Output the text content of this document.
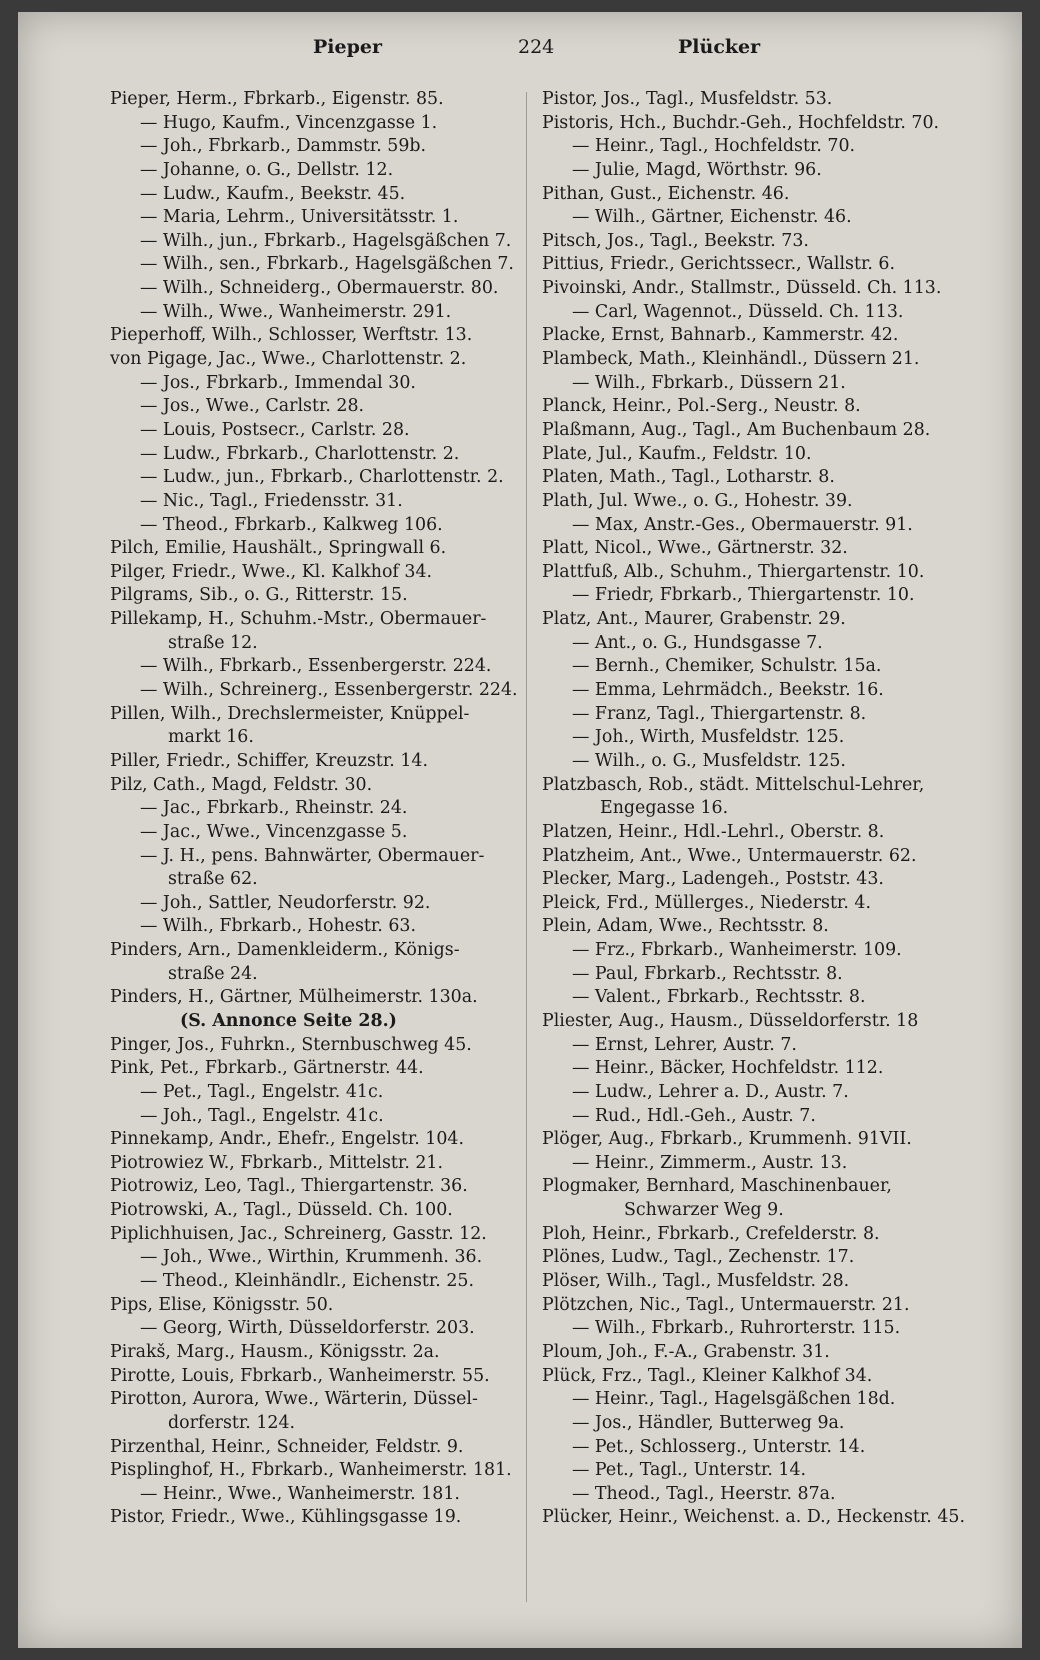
Pieper	224	Plücker
Pieper, Herm., Fbrkarb., Eigenstr. 85.
— Hugo, Kaufm., Vincenzgasse 1.
— Joh., Fbrkarb., Dammstr. 59b.
— Johanne, o. G., Dellstr. 12.
— Ludw., Kaufm., Beekstr. 45.
— Maria, Lehrm., Universitätsstr. 1.
— Wilh., jun., Fbrkarb., Hagelsgäßchen 7.
— Wilh., sen., Fbrkarb., Hagelsgäßchen 7.
— Wilh., Schneiderg., Obermauerstr. 80.
— Wilh., Wwe., Wanheimerstr. 291.
Pieperhoff, Wilh., Schlosser, Werftstr. 13.
von Pigage, Jac., Wwe., Charlottenstr. 2.
— Jos., Fbrkarb., Immendal 30.
— Jos., Wwe., Carlstr. 28.
— Louis, Postsecr., Carlstr. 28.
— Ludw., Fbrkarb., Charlottenstr. 2.
— Ludw., jun., Fbrkarb., Charlottenstr. 2.
— Nic., Tagl., Friedensstr. 31.
— Theod., Fbrkarb., Kalkweg 106.
Pilch, Emilie, Haushält., Springwall 6.
Pilger, Friedr., Wwe., Kl. Kalkhof 34.
Pilgrams, Sib., o. G., Ritterstr. 15.
Pillekamp, H., Schuhm.-Mstr., Obermauer-
straße 12.
— Wilh., Fbrkarb., Essenbergerstr. 224.
— Wilh., Schreinerg., Essenbergerstr. 224.
Pillen, Wilh., Drechslermeister, Knüppel-
markt 16.
Piller, Friedr., Schiffer, Kreuzstr. 14.
Pilz, Cath., Magd, Feldstr. 30.
— Jac., Fbrkarb., Rheinstr. 24.
— Jac., Wwe., Vincenzgasse 5.
— J. H., pens. Bahnwärter, Obermauer-
straße 62.
— Joh., Sattler, Neudorferstr. 92.
— Wilh., Fbrkarb., Hohestr. 63.
Pinders, Arn., Damenkleiderm., Königs-
straße 24.
Pinders, H., Gärtner, Mülheimerstr. 130a.
(S. Annonce Seite 28.)
Pinger, Jos., Fuhrkn., Sternbuschweg 45.
Pink, Pet., Fbrkarb., Gärtnerstr. 44.
— Pet., Tagl., Engelstr. 41c.
— Joh., Tagl., Engelstr. 41c.
Pinnekamp, Andr., Ehefr., Engelstr. 104.
Piotrowiez W., Fbrkarb., Mittelstr. 21.
Piotrowiz, Leo, Tagl., Thiergartenstr. 36.
Piotrowski, A., Tagl., Düsseld. Ch. 100.
Piplichhuisen, Jac., Schreinerg, Gasstr. 12.
— Joh., Wwe., Wirthin, Krummenh. 36.
— Theod., Kleinhändlr., Eichenstr. 25.
Pips, Elise, Königsstr. 50.
— Georg, Wirth, Düsseldorferstr. 203.
Pirakš, Marg., Hausm., Königsstr. 2a.
Pirotte, Louis, Fbrkarb., Wanheimerstr. 55.
Pirotton, Aurora, Wwe., Wärterin, Düssel-
dorferstr. 124.
Pirzenthal, Heinr., Schneider, Feldstr. 9.
Pisplinghof, H., Fbrkarb., Wanheimerstr. 181.
— Heinr., Wwe., Wanheimerstr. 181.
Pistor, Friedr., Wwe., Kühlingsgasse 19.
Pistor, Jos., Tagl., Musfeldstr. 53.
Pistoris, Hch., Buchdr.-Geh., Hochfeldstr. 70.
— Heinr., Tagl., Hochfeldstr. 70.
— Julie, Magd, Wörthstr. 96.
Pithan, Gust., Eichenstr. 46.
— Wilh., Gärtner, Eichenstr. 46.
Pitsch, Jos., Tagl., Beekstr. 73.
Pittius, Friedr., Gerichtssecr., Wallstr. 6.
Pivoinski, Andr., Stallmstr., Düsseld. Ch. 113.
— Carl, Wagennot., Düsseld. Ch. 113.
Placke, Ernst, Bahnarb., Kammerstr. 42.
Plambeck, Math., Kleinhändl., Düssern 21.
— Wilh., Fbrkarb., Düssern 21.
Planck, Heinr., Pol.-Serg., Neustr. 8.
Plaßmann, Aug., Tagl., Am Buchenbaum 28.
Plate, Jul., Kaufm., Feldstr. 10.
Platen, Math., Tagl., Lotharstr. 8.
Plath, Jul. Wwe., o. G., Hohestr. 39.
— Max, Anstr.-Ges., Obermauerstr. 91.
Platt, Nicol., Wwe., Gärtnerstr. 32.
Plattfuß, Alb., Schuhm., Thiergartenstr. 10.
— Friedr, Fbrkarb., Thiergartenstr. 10.
Platz, Ant., Maurer, Grabenstr. 29.
— Ant., o. G., Hundsgasse 7.
— Bernh., Chemiker, Schulstr. 15a.
— Emma, Lehrmädch., Beekstr. 16.
— Franz, Tagl., Thiergartenstr. 8.
— Joh., Wirth, Musfeldstr. 125.
— Wilh., o. G., Musfeldstr. 125.
Platzbasch, Rob., städt. Mittelschul-Lehrer,
Engegasse 16.
Platzen, Heinr., Hdl.-Lehrl., Oberstr. 8.
Platzheim, Ant., Wwe., Untermauerstr. 62.
Plecker, Marg., Ladengeh., Poststr. 43.
Pleick, Frd., Müllerges., Niederstr. 4.
Plein, Adam, Wwe., Rechtsstr. 8.
— Frz., Fbrkarb., Wanheimerstr. 109.
— Paul, Fbrkarb., Rechtsstr. 8.
— Valent., Fbrkarb., Rechtsstr. 8.
Pliester, Aug., Hausm., Düsseldorferstr. 18
— Ernst, Lehrer, Austr. 7.
— Heinr., Bäcker, Hochfeldstr. 112.
— Ludw., Lehrer a. D., Austr. 7.
— Rud., Hdl.-Geh., Austr. 7.
Plöger, Aug., Fbrkarb., Krummenh. 91VII.
— Heinr., Zimmerm., Austr. 13.
Plogmaker, Bernhard, Maschinenbauer,
Schwarzer Weg 9.
Ploh, Heinr., Fbrkarb., Crefelderstr. 8.
Plönes, Ludw., Tagl., Zechenstr. 17.
Plöser, Wilh., Tagl., Musfeldstr. 28.
Plötzchen, Nic., Tagl., Untermauerstr. 21.
— Wilh., Fbrkarb., Ruhrorterstr. 115.
Ploum, Joh., F.-A., Grabenstr. 31.
Plück, Frz., Tagl., Kleiner Kalkhof 34.
— Heinr., Tagl., Hagelsgäßchen 18d.
— Jos., Händler, Butterweg 9a.
— Pet., Schlosserg., Unterstr. 14.
— Pet., Tagl., Unterstr. 14.
— Theod., Tagl., Heerstr. 87a.
Plücker, Heinr., Weichenst. a. D., Heckenstr. 45.
